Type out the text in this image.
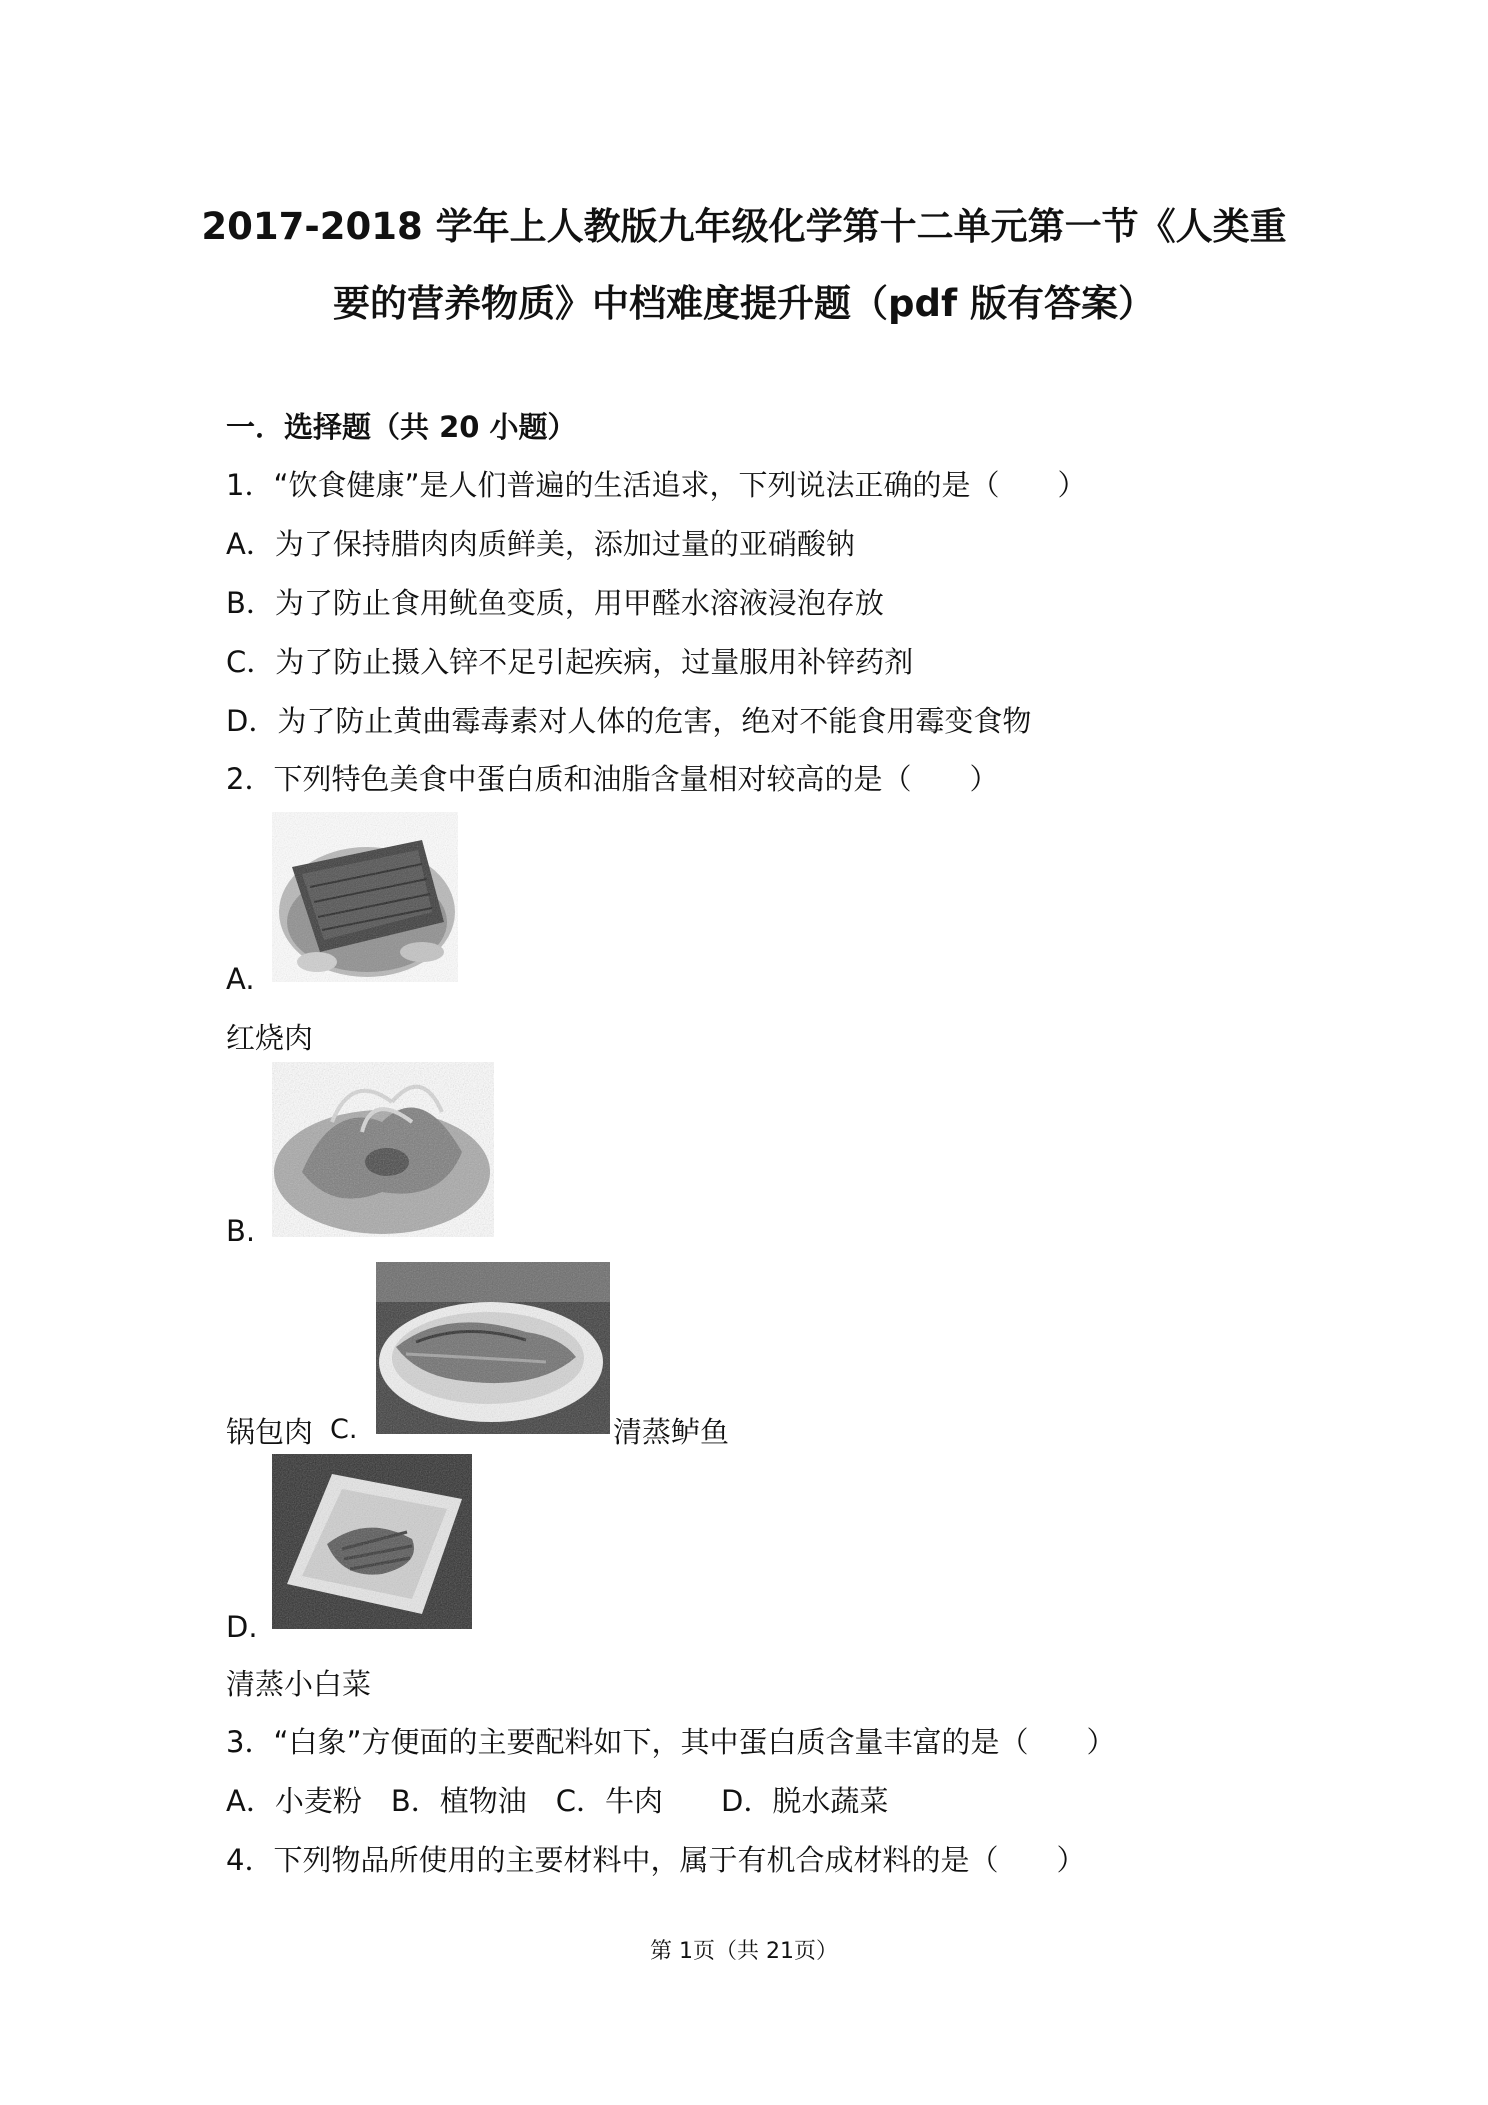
2017-2018 学年上人教版九年级化学第十二单元第一节《人类重
要的营养物质》中档难度提升题（pdf 版有答案）
一．选择题（共 20 小题）
1．“饮食健康”是人们普遍的生活追求，下列说法正确的是（　　）
A．为了保持腊肉肉质鲜美，添加过量的亚硝酸钠
B．为了防止食用鱿鱼变质，用甲醛水溶液浸泡存放
C．为了防止摄入锌不足引起疾病，过量服用补锌药剂
D．为了防止黄曲霉毒素对人体的危害，绝对不能食用霉变食物
2．下列特色美食中蛋白质和油脂含量相对较高的是（　　）
A.
红烧肉
B.
锅包肉 C.	清蒸鲈鱼
D.
清蒸小白菜
3．“白象”方便面的主要配料如下，其中蛋白质含量丰富的是（　　）
A．小麦粉　B．植物油　C．牛肉　　D．脱水蔬菜
4．下列物品所使用的主要材料中，属于有机合成材料的是（　　）
第 1页（共 21页）
